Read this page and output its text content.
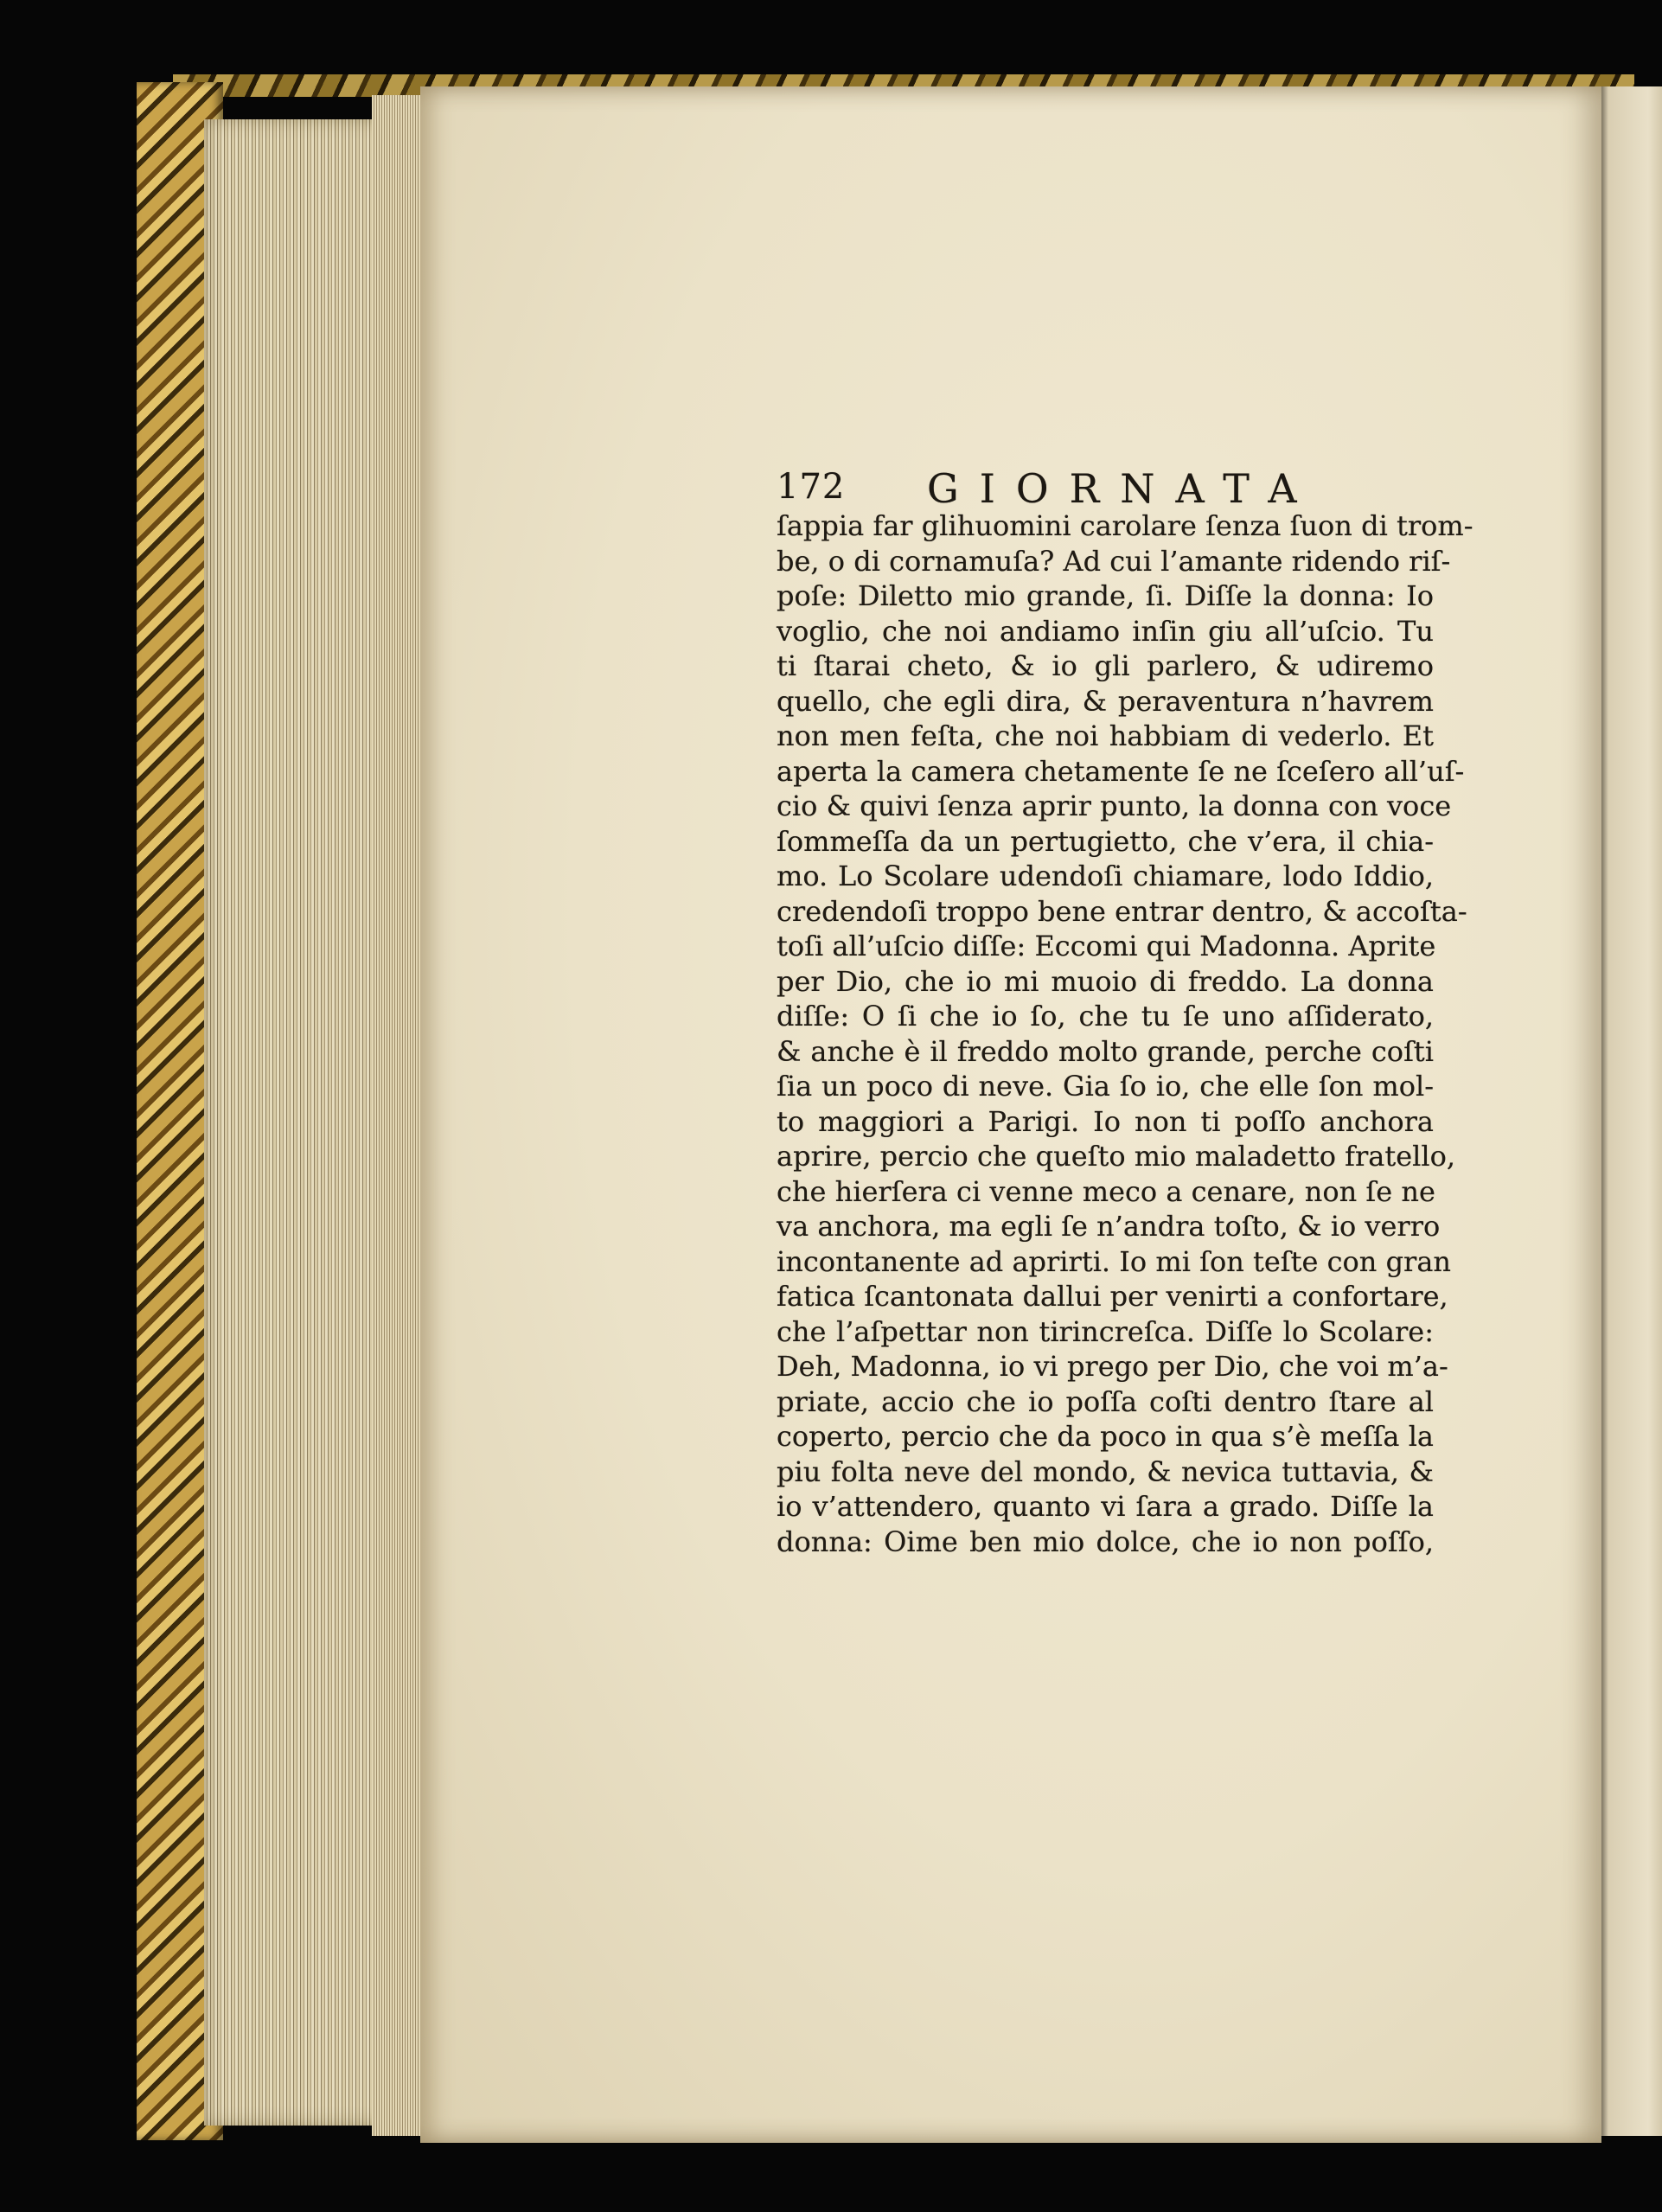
172 GIORNATA
ſappia far glihuomini carolare ſenza ſuon di trom-
be, o di cornamuſa? Ad cui l’amante ridendo riſ-
poſe: Diletto mio grande, ſi. Diſſe la donna: Io
voglio, che noi andiamo inſin giu all’uſcio. Tu
ti ſtarai cheto, & io gli parlero, & udiremo
quello, che egli dira, & peraventura n’havrem
non men feſta, che noi habbiam di vederlo. Et
aperta la camera chetamente ſe ne ſceſero all’uſ-
cio & quivi ſenza aprir punto, la donna con voce
ſommeſſa da un pertugietto, che v’era, il chia-
mo. Lo Scolare udendoſi chiamare, lodo Iddio,
credendoſi troppo bene entrar dentro, & accoſta-
toſi all’uſcio diſſe: Eccomi qui Madonna. Aprite
per Dio, che io mi muoio di freddo. La donna
diſſe: O ſi che io ſo, che tu ſe uno aſſiderato,
& anche è il freddo molto grande, perche coſti
ſia un poco di neve. Gia ſo io, che elle ſon mol-
to maggiori a Parigi. Io non ti poſſo anchora
aprire, percio che queſto mio maladetto fratello,
che hierſera ci venne meco a cenare, non ſe ne
va anchora, ma egli ſe n’andra toſto, & io verro
incontanente ad aprirti. Io mi ſon teſte con gran
fatica ſcantonata dallui per venirti a confortare,
che l’aſpettar non tirincreſca. Diſſe lo Scolare:
Deh, Madonna, io vi prego per Dio, che voi m’a-
priate, accio che io poſſa coſti dentro ſtare al
coperto, percio che da poco in qua s’è meſſa la
piu folta neve del mondo, & nevica tuttavia, &
io v’attendero, quanto vi ſara a grado. Diſſe la
donna: Oime ben mio dolce, che io non poſſo,
